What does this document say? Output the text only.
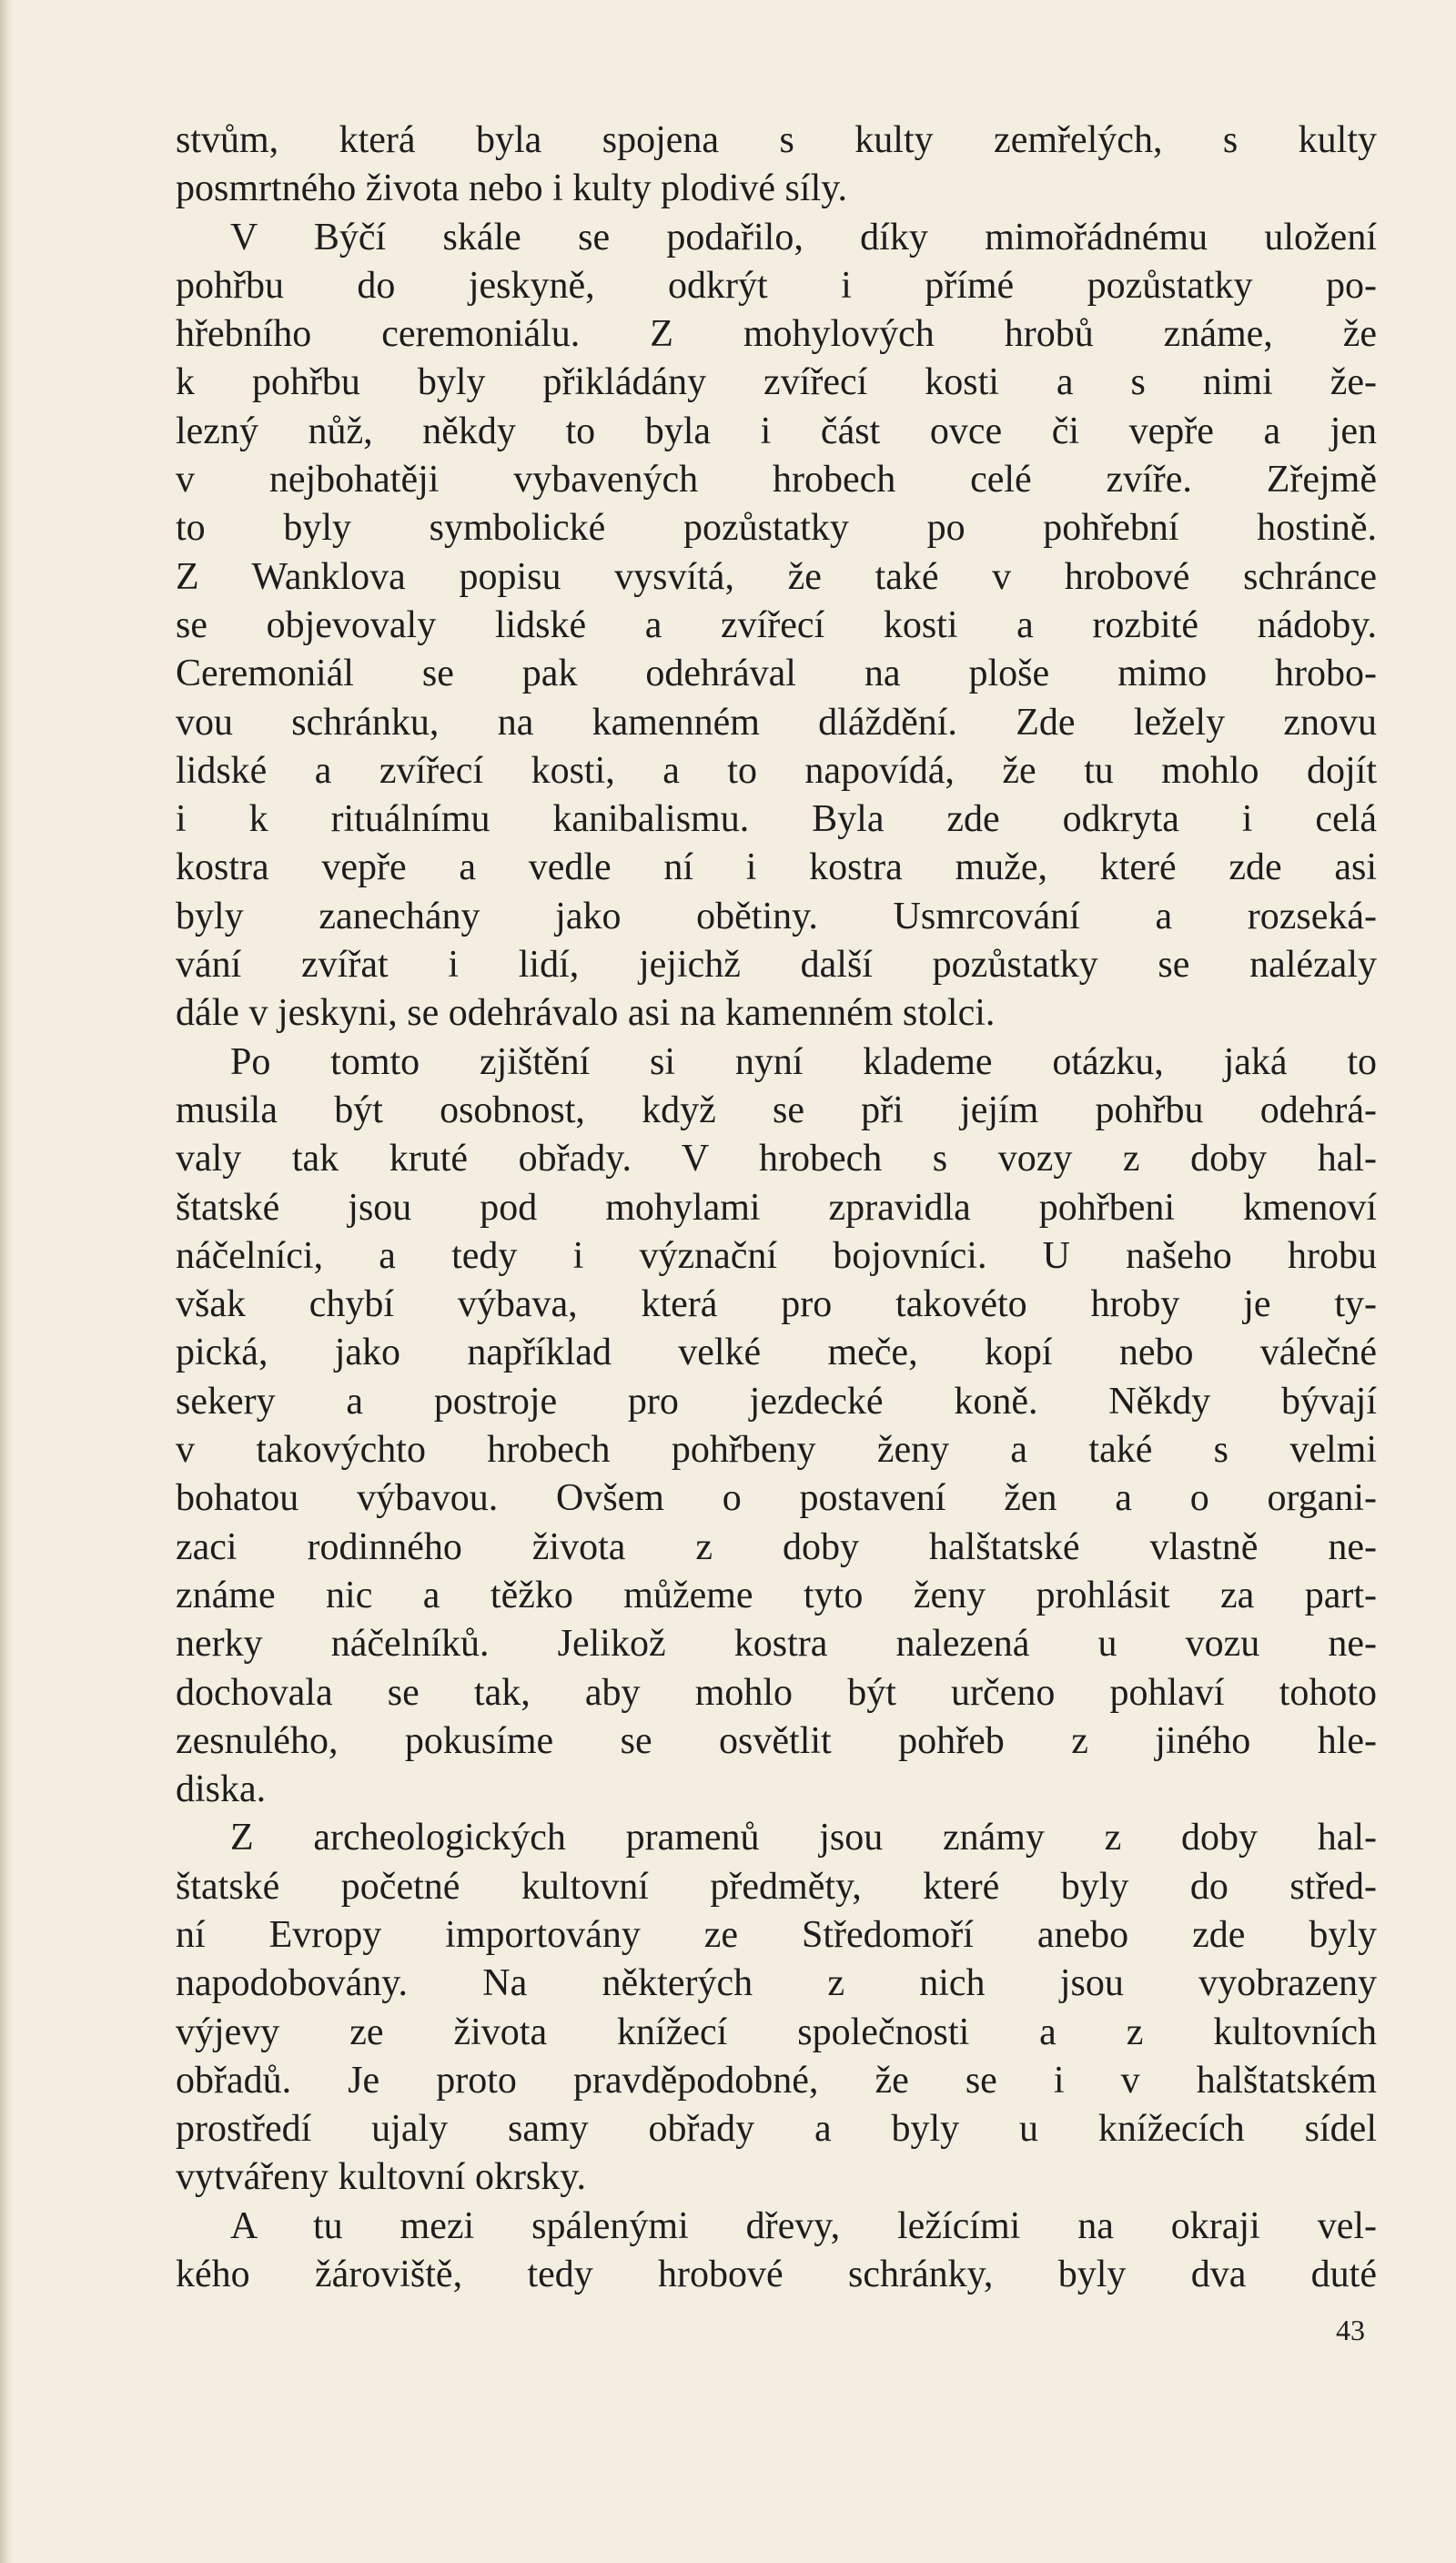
stvům, která byla spojena s kulty zemřelých, s kulty
posmrtného života nebo i kulty plodivé síly.
V Býčí skále se podařilo, díky mimořádnému uložení
pohřbu do jeskyně, odkrýt i přímé pozůstatky po-
hřebního ceremoniálu. Z mohylových hrobů známe, že
k pohřbu byly přikládány zvířecí kosti a s nimi že-
lezný nůž, někdy to byla i část ovce či vepře a jen
v nejbohatěji vybavených hrobech celé zvíře. Zřejmě
to byly symbolické pozůstatky po pohřební hostině.
Z Wanklova popisu vysvítá, že také v hrobové schránce
se objevovaly lidské a zvířecí kosti a rozbité nádoby.
Ceremoniál se pak odehrával na ploše mimo hrobo-
vou schránku, na kamenném dláždění. Zde ležely znovu
lidské a zvířecí kosti, a to napovídá, že tu mohlo dojít
i k rituálnímu kanibalismu. Byla zde odkryta i celá
kostra vepře a vedle ní i kostra muže, které zde asi
byly zanechány jako obětiny. Usmrcování a rozseká-
vání zvířat i lidí, jejichž další pozůstatky se nalézaly
dále v jeskyni, se odehrávalo asi na kamenném stolci.
Po tomto zjištění si nyní klademe otázku, jaká to
musila být osobnost, když se při jejím pohřbu odehrá-
valy tak kruté obřady. V hrobech s vozy z doby hal-
štatské jsou pod mohylami zpravidla pohřbeni kmenoví
náčelníci, a tedy i význační bojovníci. U našeho hrobu
však chybí výbava, která pro takovéto hroby je ty-
pická, jako například velké meče, kopí nebo válečné
sekery a postroje pro jezdecké koně. Někdy bývají
v takovýchto hrobech pohřbeny ženy a také s velmi
bohatou výbavou. Ovšem o postavení žen a o organi-
zaci rodinného života z doby halštatské vlastně ne-
známe nic a těžko můžeme tyto ženy prohlásit za part-
nerky náčelníků. Jelikož kostra nalezená u vozu ne-
dochovala se tak, aby mohlo být určeno pohlaví tohoto
zesnulého, pokusíme se osvětlit pohřeb z jiného hle-
diska.
Z archeologických pramenů jsou známy z doby hal-
štatské početné kultovní předměty, které byly do střed-
ní Evropy importovány ze Středomoří anebo zde byly
napodobovány. Na některých z nich jsou vyobrazeny
výjevy ze života knížecí společnosti a z kultovních
obřadů. Je proto pravděpodobné, že se i v halštatském
prostředí ujaly samy obřady a byly u knížecích sídel
vytvářeny kultovní okrsky.
A tu mezi spálenými dřevy, ležícími na okraji vel-
kého žároviště, tedy hrobové schránky, byly dva duté
43
